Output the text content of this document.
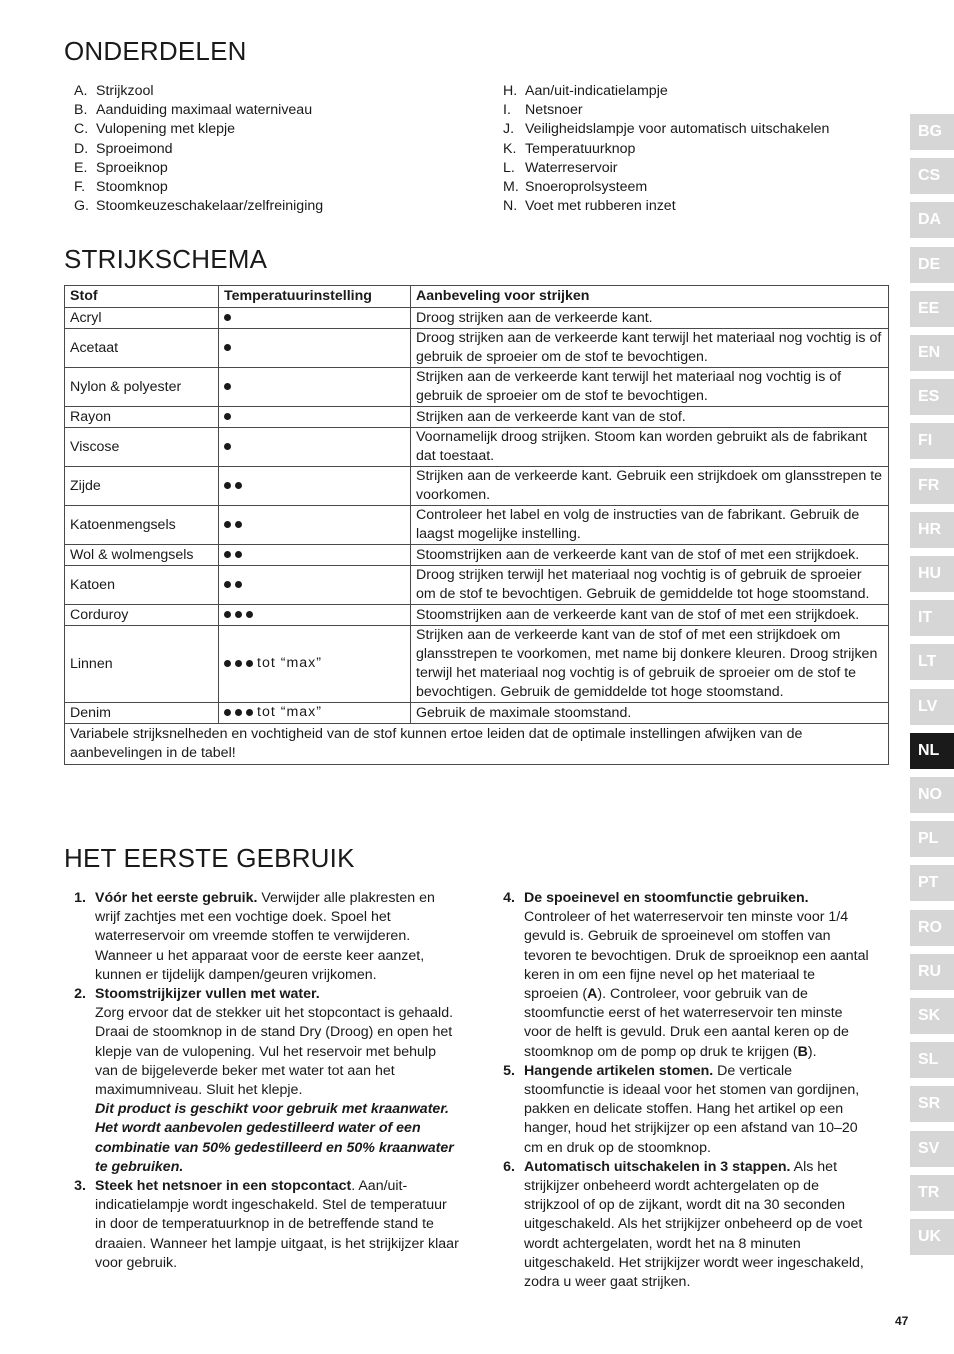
ONDERDELEN
A. Strijkzool
B. Aanduiding maximaal waterniveau
C. Vulopening met klepje
D. Sproeimond
E. Sproeiknop
F. Stoomknop
G. Stoomkeuzeschakelaar/zelfreiniging
H. Aan/uit-indicatielampje
I. Netsnoer
J. Veiligheidslampje voor automatisch uitschakelen
K. Temperatuurknop
L. Waterreservoir
M. Snoeroprolsysteem
N. Voet met rubberen inzet
STRIJKSCHEMA
Stof	Temperatuurinstelling	Aanbeveling voor strijken
Acryl		Droog strijken aan de verkeerde kant.
Acetaat		Droog strijken aan de verkeerde kant terwijl het materiaal nog vochtig is of gebruik de sproeier om de stof te bevochtigen.
Nylon & polyester		Strijken aan de verkeerde kant terwijl het materiaal nog vochtig is of gebruik de sproeier om de stof te bevochtigen.
Rayon		Strijken aan de verkeerde kant van de stof.
Viscose		Voornamelijk droog strijken. Stoom kan worden gebruikt als de fabrikant dat toestaat.
Zijde		Strijken aan de verkeerde kant. Gebruik een strijkdoek om glansstrepen te voorkomen.
Katoenmengsels		Controleer het label en volg de instructies van de fabrikant. Gebruik de laagst mogelijke instelling.
Wol & wolmengsels		Stoomstrijken aan de verkeerde kant van de stof of met een strijkdoek.
Katoen		Droog strijken terwijl het materiaal nog vochtig is of gebruik de sproeier om de stof te bevochtigen. Gebruik de gemiddelde tot hoge stoomstand.
Corduroy		Stoomstrijken aan de verkeerde kant van de stof of met een strijkdoek.
Linnen	tot “max”	Strijken aan de verkeerde kant van de stof of met een strijkdoek om glansstrepen te voorkomen, met name bij donkere kleuren. Droog strijken terwijl het materiaal nog vochtig is of gebruik de sproeier om de stof te bevochtigen. Gebruik de gemiddelde tot hoge stoomstand.
Denim	tot “max”	Gebruik de maximale stoomstand.
Variabele strijksnelheden en vochtigheid van de stof kunnen ertoe leiden dat de optimale instellingen afwijken van de aanbevelingen in de tabel!		
HET EERSTE GEBRUIK
1. Vóór het eerste gebruik. Verwijder alle plakresten en wrijf zachtjes met een vochtige doek. Spoel het waterreservoir om vreemde stoffen te verwijderen. Wanneer u het apparaat voor de eerste keer aanzet, kunnen er tijdelijk dampen/geuren vrijkomen.
2. Stoomstrijkijzer vullen met water.
Zorg ervoor dat de stekker uit het stopcontact is gehaald. Draai de stoomknop in de stand Dry (Droog) en open het klepje van de vulopening. Vul het reservoir met behulp van de bijgeleverde beker met water tot aan het maximumniveau. Sluit het klepje.
Dit product is geschikt voor gebruik met kraanwater. Het wordt aanbevolen gedestilleerd water of een combinatie van 50% gedestilleerd en 50% kraanwater te gebruiken.
3. Steek het netsnoer in een stopcontact. Aan/uit-indicatielampje wordt ingeschakeld. Stel de temperatuur in door de temperatuurknop in de betreffende stand te draaien. Wanneer het lampje uitgaat, is het strijkijzer klaar voor gebruik.
4. De spoeinevel en stoomfunctie gebruiken.
Controleer of het waterreservoir ten minste voor 1/4 gevuld is. Gebruik de sproeinevel om stoffen van tevoren te bevochtigen. Druk de sproeiknop een aantal keren in om een fijne nevel op het materiaal te sproeien (A). Controleer, voor gebruik van de stoomfunctie eerst of het waterreservoir ten minste voor de helft is gevuld. Druk een aantal keren op de stoomknop om de pomp op druk te krijgen (B).
5. Hangende artikelen stomen. De verticale stoomfunctie is ideaal voor het stomen van gordijnen, pakken en delicate stoffen. Hang het artikel op een hanger, houd het strijkijzer op een afstand van 10–20 cm en druk op de stoomknop.
6. Automatisch uitschakelen in 3 stappen. Als het strijkijzer onbeheerd wordt achtergelaten op de strijkzool of op de zijkant, wordt dit na 30 seconden uitgeschakeld. Als het strijkijzer onbeheerd op de voet wordt achtergelaten, wordt het na 8 minuten uitgeschakeld. Het strijkijzer wordt weer ingeschakeld, zodra u weer gaat strijken.
BG
CS
DA
DE
EE
EN
ES
FI
FR
HR
HU
IT
LT
LV
NL
NO
PL
PT
RO
RU
SK
SL
SR
SV
TR
UK
47
